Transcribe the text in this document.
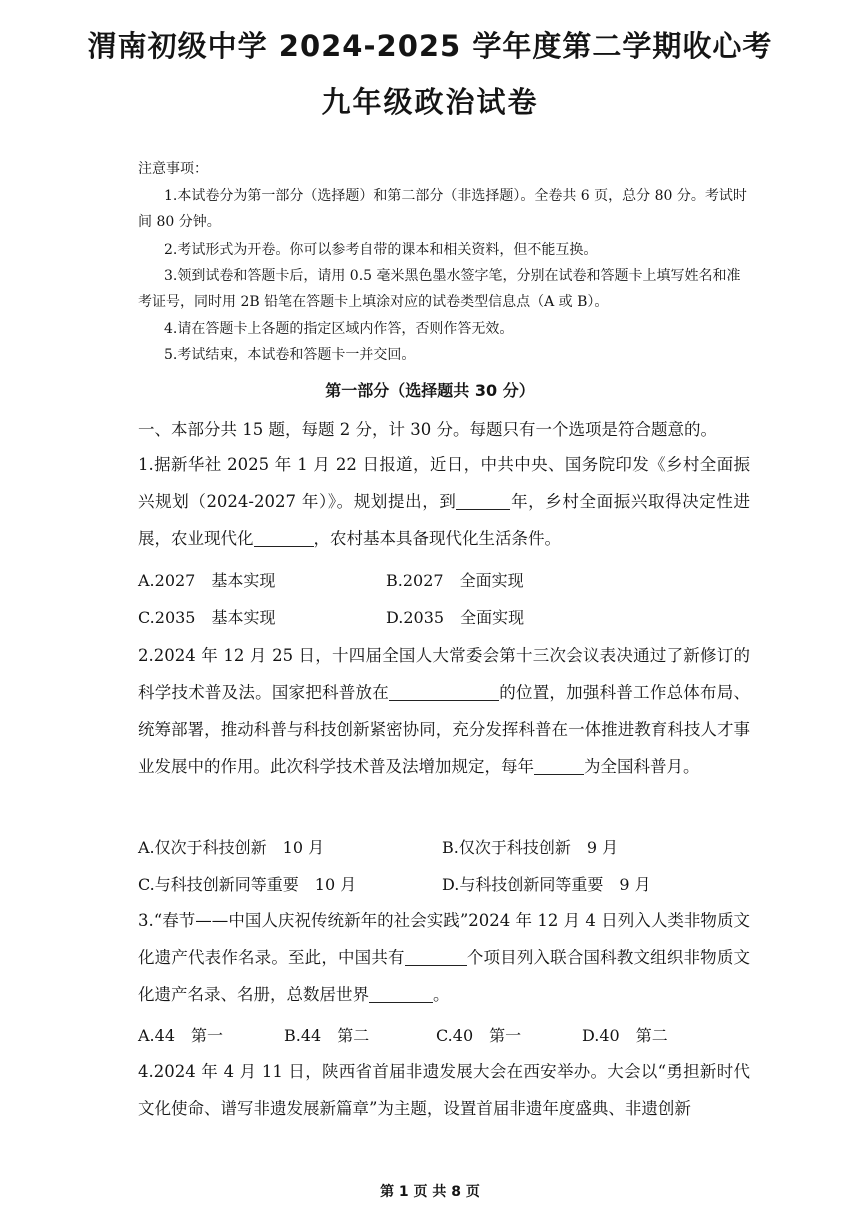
渭南初级中学 2024-2025 学年度第二学期收心考
九年级政治试卷
注意事项：
1.本试卷分为第一部分（选择题）和第二部分（非选择题）。全卷共 6 页，总分 80 分。考试时间 80 分钟。
2.考试形式为开卷。你可以参考自带的课本和相关资料，但不能互换。
3.领到试卷和答题卡后，请用 0.5 毫米黑色墨水签字笔，分别在试卷和答题卡上填写姓名和准考证号，同时用 2B 铅笔在答题卡上填涂对应的试卷类型信息点（A 或 B）。
4.请在答题卡上各题的指定区域内作答，否则作答无效。
5.考试结束，本试卷和答题卡一并交回。
第一部分（选择题共 30 分）
一、本部分共 15 题，每题 2 分，计 30 分。每题只有一个选项是符合题意的。
1.据新华社 2025 年 1 月 22 日报道，近日，中共中央、国务院印发《乡村全面振兴规划（2024-2027 年）》。规划提出，到	年，乡村全面振兴取得决定性进展，农业现代化	，农村基本具备现代化生活条件。
A.2027　基本实现	B.2027　全面实现
C.2035　基本实现	D.2035　全面实现
2.2024 年 12 月 25 日，十四届全国人大常委会第十三次会议表决通过了新修订的科学技术普及法。国家把科普放在	的位置，加强科普工作总体布局、统筹部署，推动科普与科技创新紧密协同，充分发挥科普在一体推进教育科技人才事业发展中的作用。此次科学技术普及法增加规定，每年	为全国科普月。
A.仅次于科技创新　10 月	B.仅次于科技创新　9 月
C.与科技创新同等重要　10 月	D.与科技创新同等重要　9 月
3.“春节——中国人庆祝传统新年的社会实践”2024 年 12 月 4 日列入人类非物质文化遗产代表作名录。至此，中国共有	个项目列入联合国科教文组织非物质文化遗产名录、名册，总数居世界	。
A.44　第一	B.44　第二	C.40　第一	D.40　第二
4.2024 年 4 月 11 日，陕西省首届非遗发展大会在西安举办。大会以“勇担新时代文化使命、谱写非遗发展新篇章”为主题，设置首届非遗年度盛典、非遗创新
第 1 页 共 8 页
